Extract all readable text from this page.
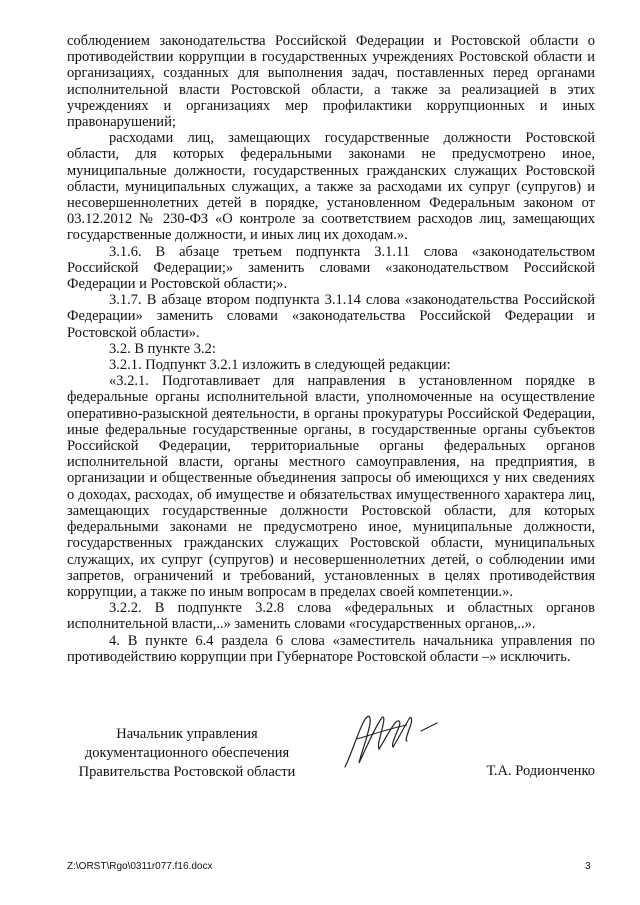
соблюдением законодательства Российской Федерации и Ростовской области о противодействии коррупции в государственных учреждениях Ростовской области и организациях, созданных для выполнения задач, поставленных перед органами исполнительной власти Ростовской области, а также за реализацией в этих учреждениях и организациях мер профилактики коррупционных и иных правонарушений;

расходами лиц, замещающих государственные должности Ростовской области, для которых федеральными законами не предусмотрено иное, муниципальные должности, государственных гражданских служащих Ростовской области, муниципальных служащих, а также за расходами их супруг (супругов) и несовершеннолетних детей в порядке, установленном Федеральным законом от 03.12.2012 № 230-ФЗ «О контроле за соответствием расходов лиц, замещающих государственные должности, и иных лиц их доходам.».

3.1.6. В абзаце третьем подпункта 3.1.11 слова «законодательством Российской Федерации;» заменить словами «законодательством Российской Федерации и Ростовской области;».

3.1.7. В абзаце втором подпункта 3.1.14 слова «законодательства Российской Федерации» заменить словами «законодательства Российской Федерации и Ростовской области».

3.2. В пункте 3.2:

3.2.1. Подпункт 3.2.1 изложить в следующей редакции:

«3.2.1. Подготавливает для направления в установленном порядке в федеральные органы исполнительной власти, уполномоченные на осуществление оперативно-разыскной деятельности, в органы прокуратуры Российской Федерации, иные федеральные государственные органы, в государственные органы субъектов Российской Федерации, территориальные органы федеральных органов исполнительной власти, органы местного самоуправления, на предприятия, в организации и общественные объединения запросы об имеющихся у них сведениях о доходах, расходах, об имуществе и обязательствах имущественного характера лиц, замещающих государственные должности Ростовской области, для которых федеральными законами не предусмотрено иное, муниципальные должности, государственных гражданских служащих Ростовской области, муниципальных служащих, их супруг (супругов) и несовершеннолетних детей, о соблюдении ими запретов, ограничений и требований, установленных в целях противодействия коррупции, а также по иным вопросам в пределах своей компетенции.».

3.2.2. В подпункте 3.2.8 слова «федеральных и областных органов исполнительной власти,..» заменить словами «государственных органов,..».

4. В пункте 6.4 раздела 6 слова «заместитель начальника управления по противодействию коррупции при Губернаторе Ростовской области –» исключить.

Начальник управления
документационного обеспечения
Правительства Ростовской области	Т.А. Родионченко
Z:\ORST\Rgo\0311r077.f16.docx	3
